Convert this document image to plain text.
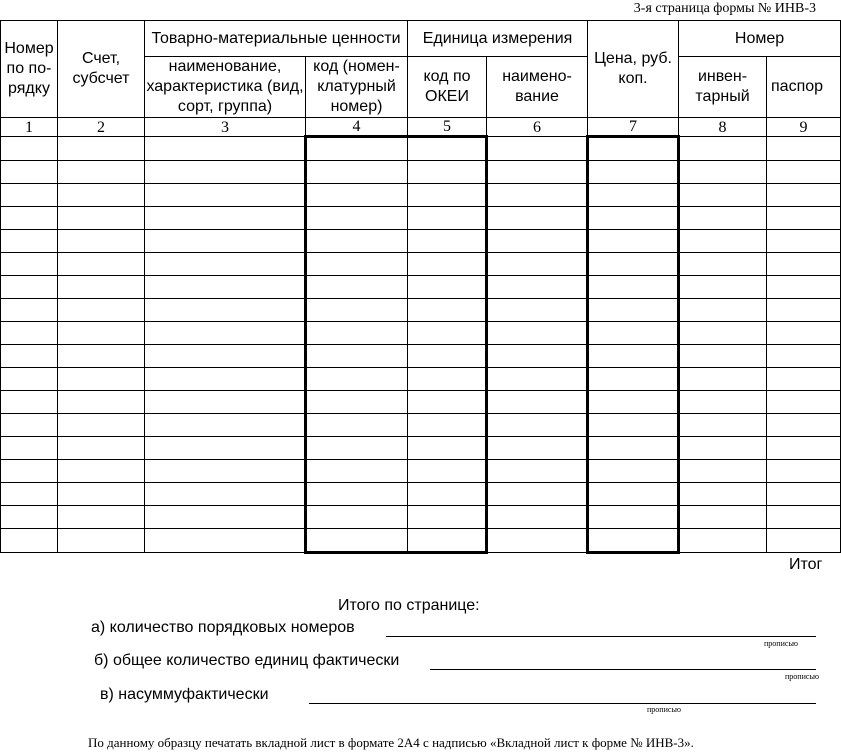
3-я страница формы № ИНВ-3
Номер по по- рядку	Счет, субсчет	Товарно-материальные ценности		Единица измерения		Цена, руб. коп.	Номер	
		наименование, характеристика (вид, сорт, группа)	код (номен- клатурный номер)	код по ОКЕИ	наимено- вание		инвен- тарный	паспор
1	2	3	4	5	6	7	8	9

Итог
Итого по странице:
а) количество порядковых номеров
прописью
б) общее количество единиц фактически
прописью
в) насуммуфактически
прописью
По данному образцу печатать вкладной лист в формате 2А4 с надписью «Вкладной лист к форме № ИНВ-3».
